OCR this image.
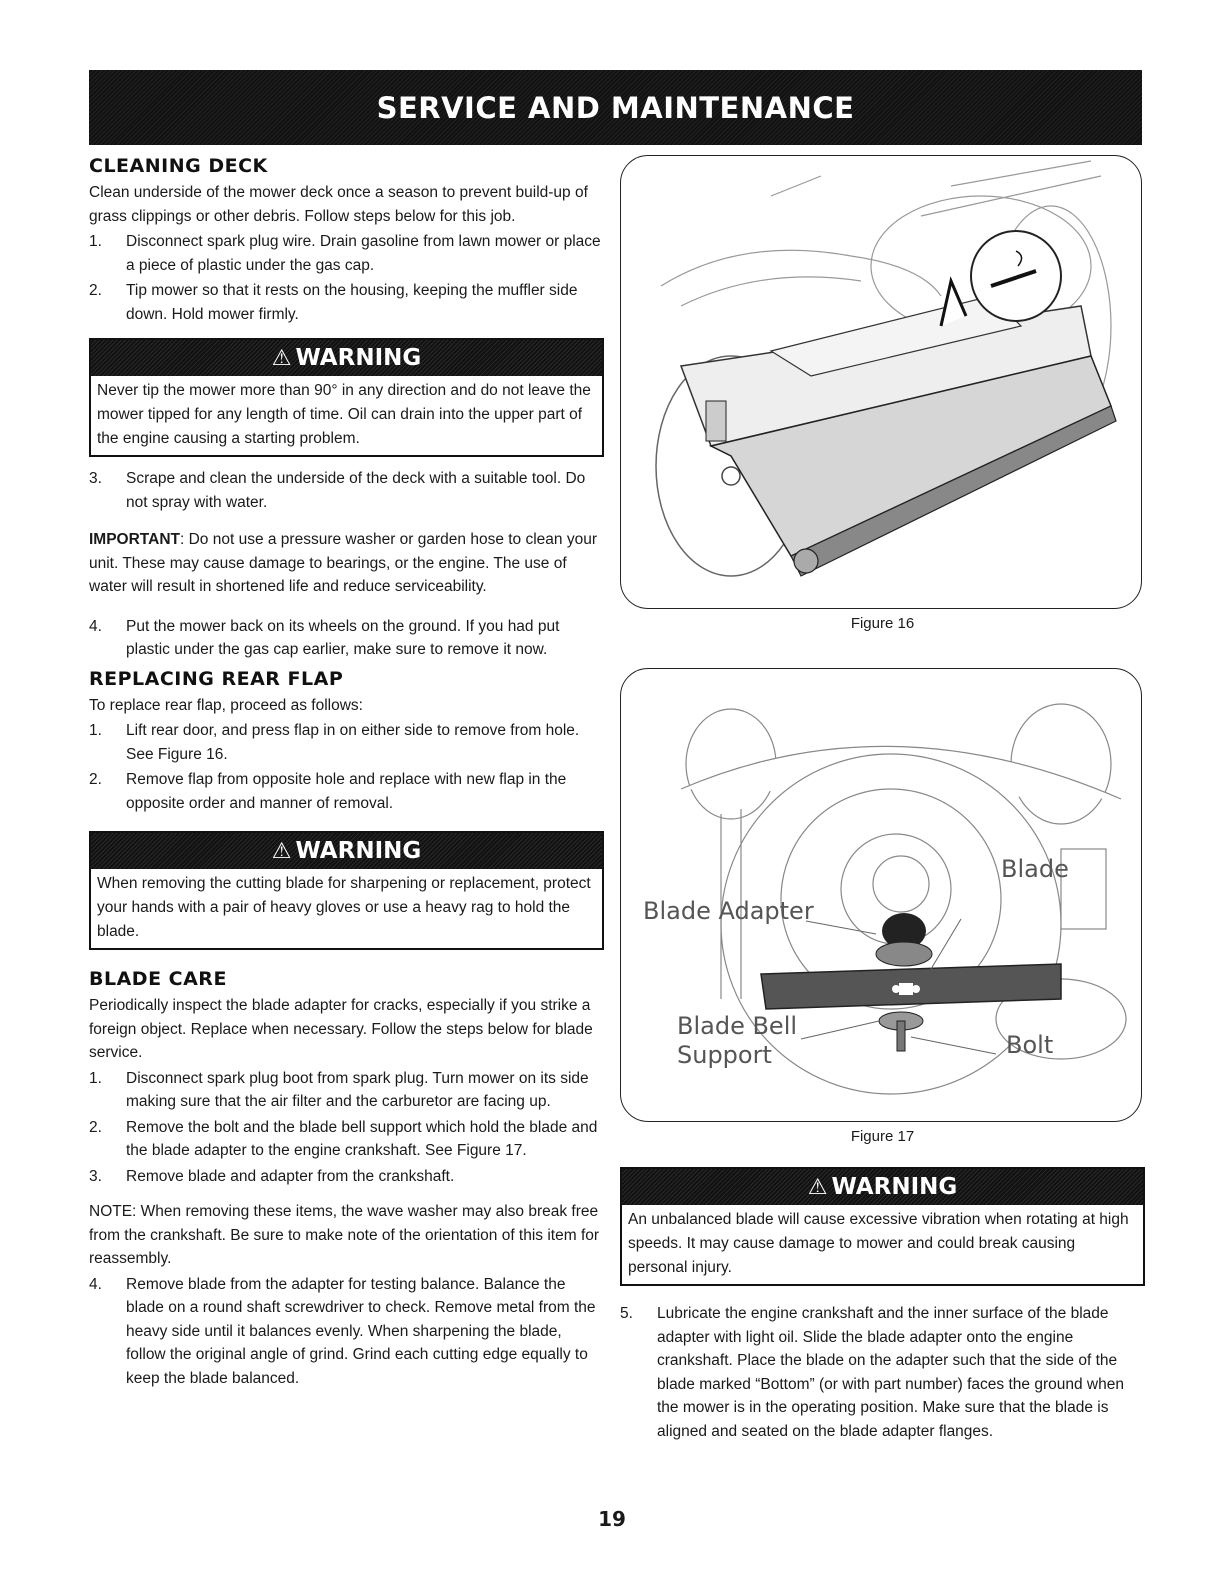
SERVICE AND MAINTENANCE
CLEANING DECK

Clean underside of the mower deck once a season to prevent build-up of grass clippings or other debris. Follow steps below for this job.

1.	Disconnect spark plug wire. Drain gasoline from lawn mower or place a piece of plastic under the gas cap.
2.	Tip mower so that it rests on the housing, keeping the muffler side down. Hold mower firmly.
⚠ WARNING
Never tip the mower more than 90° in any direction and do not leave the mower tipped for any length of time. Oil can drain into the upper part of the engine causing a starting problem.
3.	Scrape and clean the underside of the deck with a suitable tool. Do not spray with water.

IMPORTANT: Do not use a pressure washer or garden hose to clean your unit. These may cause damage to bearings, or the engine. The use of water will result in shortened life and reduce serviceability.

4.	Put the mower back on its wheels on the ground. If you had put plastic under the gas cap earlier, make sure to remove it now.
REPLACING REAR FLAP

To replace rear flap, proceed as follows:

1.	Lift rear door, and press flap in on either side to remove from hole. See Figure 16.
2.	Remove flap from opposite hole and replace with new flap in the opposite order and manner of removal.
⚠ WARNING
When removing the cutting blade for sharpening or replacement, protect your hands with a pair of heavy gloves or use a heavy rag to hold the blade.
BLADE CARE

Periodically inspect the blade adapter for cracks, especially if you strike a foreign object. Replace when necessary. Follow the steps below for blade service.

1.	Disconnect spark plug boot from spark plug. Turn mower on its side making sure that the air filter and the carburetor are facing up.
2.	Remove the bolt and the blade bell support which hold the blade and the blade adapter to the engine crankshaft. See Figure 17.
3.	Remove blade and adapter from the crankshaft.

NOTE: When removing these items, the wave washer may also break free from the crankshaft. Be sure to make note of the orientation of this item for reassembly.

4.	Remove blade from the adapter for testing balance. Balance the blade on a round shaft screwdriver to check. Remove metal from the heavy side until it balances evenly. When sharpening the blade, follow the original angle of grind. Grind each cutting edge equally to keep the blade balanced.
Figure 16
Blade Adapter
Blade
Blade Bell
Support	Bolt
Figure 17
⚠ WARNING
An unbalanced blade will cause excessive vibration when rotating at high speeds. It may cause damage to mower and could break causing personal injury.
5.	Lubricate the engine crankshaft and the inner surface of the blade adapter with light oil. Slide the blade adapter onto the engine crankshaft. Place the blade on the adapter such that the side of the blade marked “Bottom” (or with part number) faces the ground when the mower is in the operating position. Make sure that the blade is aligned and seated on the blade adapter flanges.
19
